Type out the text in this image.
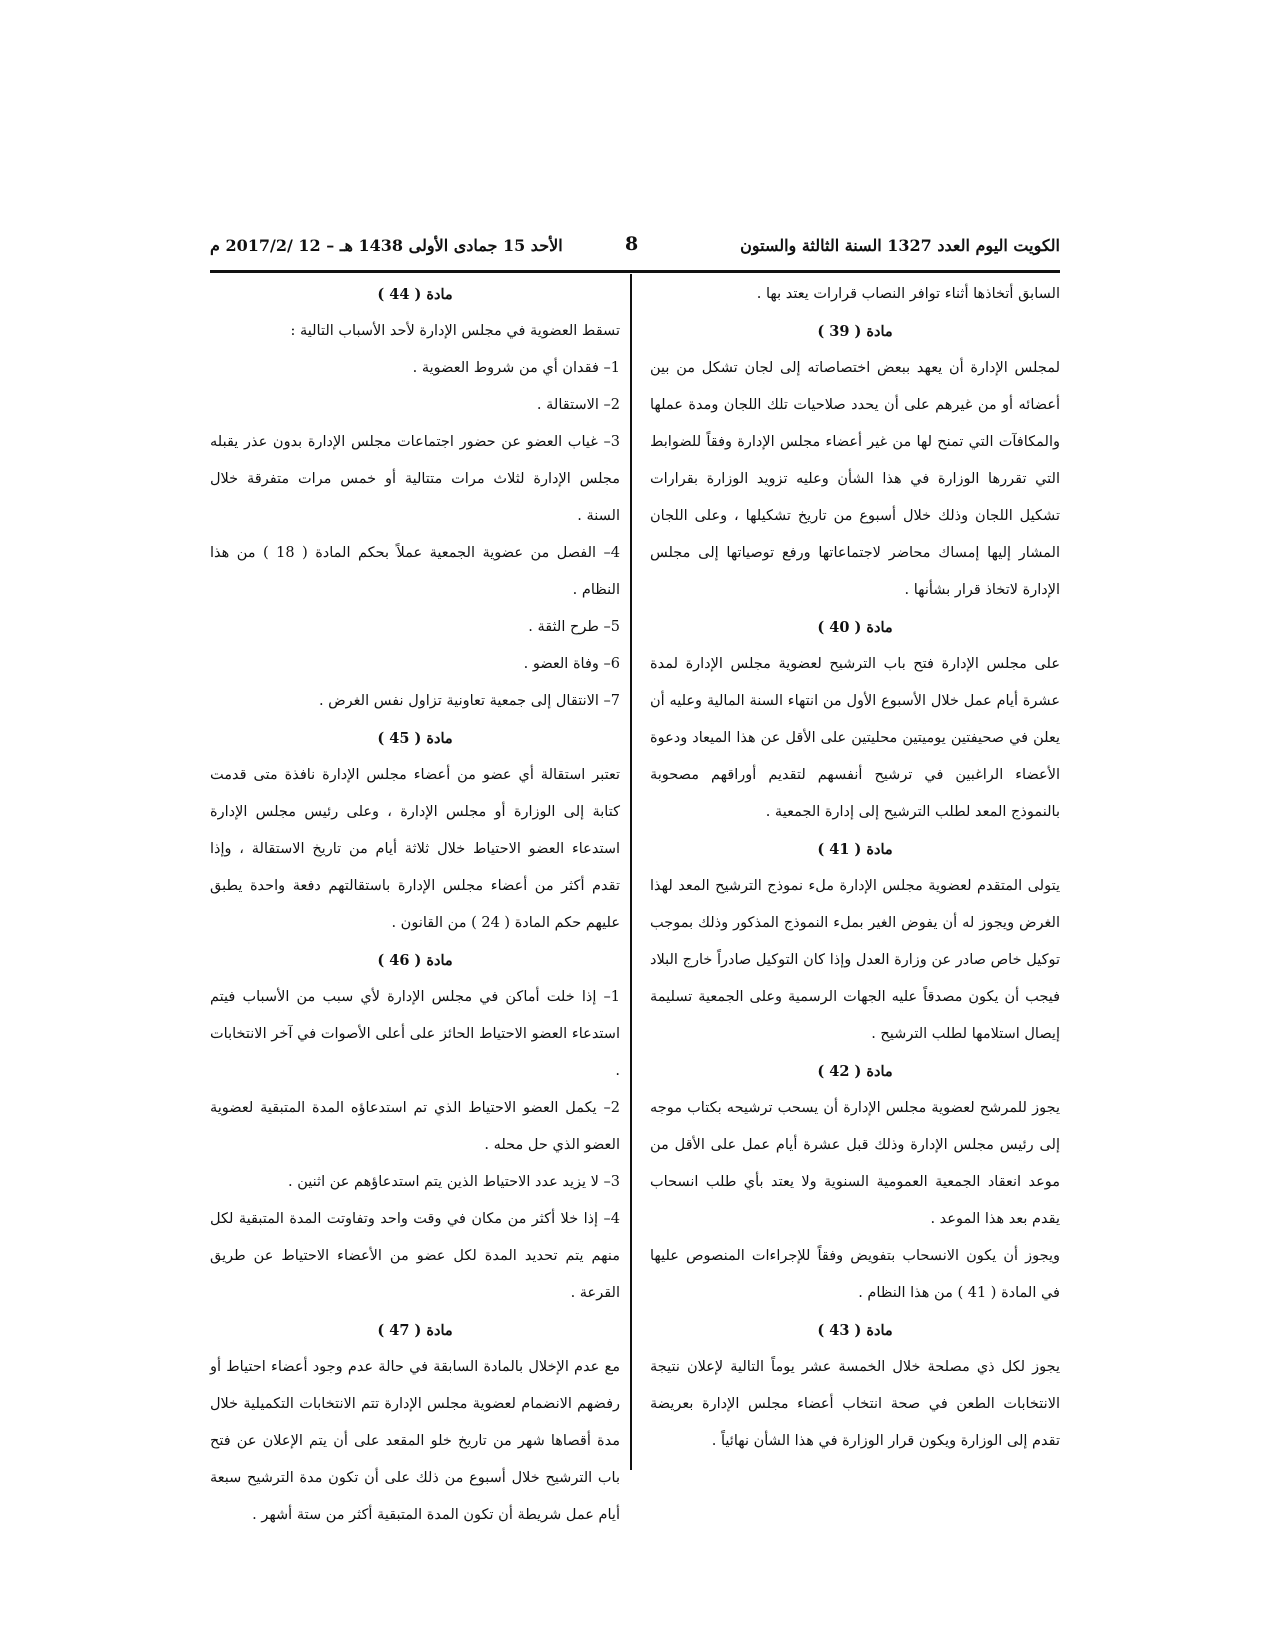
الكويت اليوم العدد 1327 السنة الثالثة والستون
8
الأحد 15 جمادى الأولى 1438 هـ – 12 /2017/2 م

السابق أتخاذها أثناء توافر النصاب قرارات يعتد بها .

مادة ( 39 )

لمجلس الإدارة أن يعهد ببعض اختصاصاته إلى لجان تشكل من بين أعضائه أو من غيرهم على أن يحدد صلاحيات تلك اللجان ومدة عملها والمكافآت التي تمنح لها من غير أعضاء مجلس الإدارة وفقاً للضوابط التي تقررها الوزارة في هذا الشأن وعليه تزويد الوزارة بقرارات تشكيل اللجان وذلك خلال أسبوع من تاريخ تشكيلها ، وعلى اللجان المشار إليها إمساك محاضر لاجتماعاتها ورفع توصياتها إلى مجلس الإدارة لاتخاذ قرار بشأنها .

مادة ( 40 )

على مجلس الإدارة فتح باب الترشيح لعضوية مجلس الإدارة لمدة عشرة أيام عمل خلال الأسبوع الأول من انتهاء السنة المالية وعليه أن يعلن في صحيفتين يوميتين محليتين على الأقل عن هذا الميعاد ودعوة الأعضاء الراغبين في ترشيح أنفسهم لتقديم أوراقهم مصحوبة بالنموذج المعد لطلب الترشيح إلى إدارة الجمعية .

مادة ( 41 )

يتولى المتقدم لعضوية مجلس الإدارة ملء نموذج الترشيح المعد لهذا الغرض ويجوز له أن يفوض الغير بملء النموذج المذكور وذلك بموجب توكيل خاص صادر عن وزارة العدل وإذا كان التوكيل صادراً خارج البلاد فيجب أن يكون مصدقاً عليه الجهات الرسمية وعلى الجمعية تسليمة إيصال استلامها لطلب الترشيح .

مادة ( 42 )

يجوز للمرشح لعضوية مجلس الإدارة أن يسحب ترشيحه بكتاب موجه إلى رئيس مجلس الإدارة وذلك قبل عشرة أيام عمل على الأقل من موعد انعقاد الجمعية العمومية السنوية ولا يعتد بأي طلب انسحاب يقدم بعد هذا الموعد .

ويجوز أن يكون الانسحاب بتفويض وفقاً للإجراءات المنصوص عليها في المادة ( 41 ) من هذا النظام .

مادة ( 43 )

يجوز لكل ذي مصلحة خلال الخمسة عشر يوماً التالية لإعلان نتيجة الانتخابات الطعن في صحة انتخاب أعضاء مجلس الإدارة بعريضة تقدم إلى الوزارة ويكون قرار الوزارة في هذا الشأن نهائياً .

مادة ( 44 )

تسقط العضوية في مجلس الإدارة لأحد الأسباب التالية :

1– فقدان أي من شروط العضوية .

2– الاستقالة .

3– غياب العضو عن حضور اجتماعات مجلس الإدارة بدون عذر يقبله مجلس الإدارة لثلاث مرات متتالية أو خمس مرات متفرقة خلال السنة .

4– الفصل من عضوية الجمعية عملاً بحكم المادة ( 18 ) من هذا النظام .

5– طرح الثقة .

6– وفاة العضو .

7– الانتقال إلى جمعية تعاونية تزاول نفس الغرض .

مادة ( 45 )

تعتبر استقالة أي عضو من أعضاء مجلس الإدارة نافذة متى قدمت كتابة إلى الوزارة أو مجلس الإدارة ، وعلى رئيس مجلس الإدارة استدعاء العضو الاحتياط خلال ثلاثة أيام من تاريخ الاستقالة ، وإذا تقدم أكثر من أعضاء مجلس الإدارة باستقالتهم دفعة واحدة يطبق عليهم حكم المادة ( 24 ) من القانون .

مادة ( 46 )

1– إذا خلت أماكن في مجلس الإدارة لأي سبب من الأسباب فيتم استدعاء العضو الاحتياط الحائز على أعلى الأصوات في آخر الانتخابات .

2– يكمل العضو الاحتياط الذي تم استدعاؤه المدة المتبقية لعضوية العضو الذي حل محله .

3– لا يزيد عدد الاحتياط الذين يتم استدعاؤهم عن اثنين .

4– إذا خلا أكثر من مكان في وقت واحد وتفاوتت المدة المتبقية لكل منهم يتم تحديد المدة لكل عضو من الأعضاء الاحتياط عن طريق القرعة .

مادة ( 47 )

مع عدم الإخلال بالمادة السابقة في حالة عدم وجود أعضاء احتياط أو رفضهم الانضمام لعضوية مجلس الإدارة تتم الانتخابات التكميلية خلال مدة أقصاها شهر من تاريخ خلو المقعد على أن يتم الإعلان عن فتح باب الترشيح خلال أسبوع من ذلك على أن تكون مدة الترشيح سبعة أيام عمل شريطة أن تكون المدة المتبقية أكثر من ستة أشهر .
